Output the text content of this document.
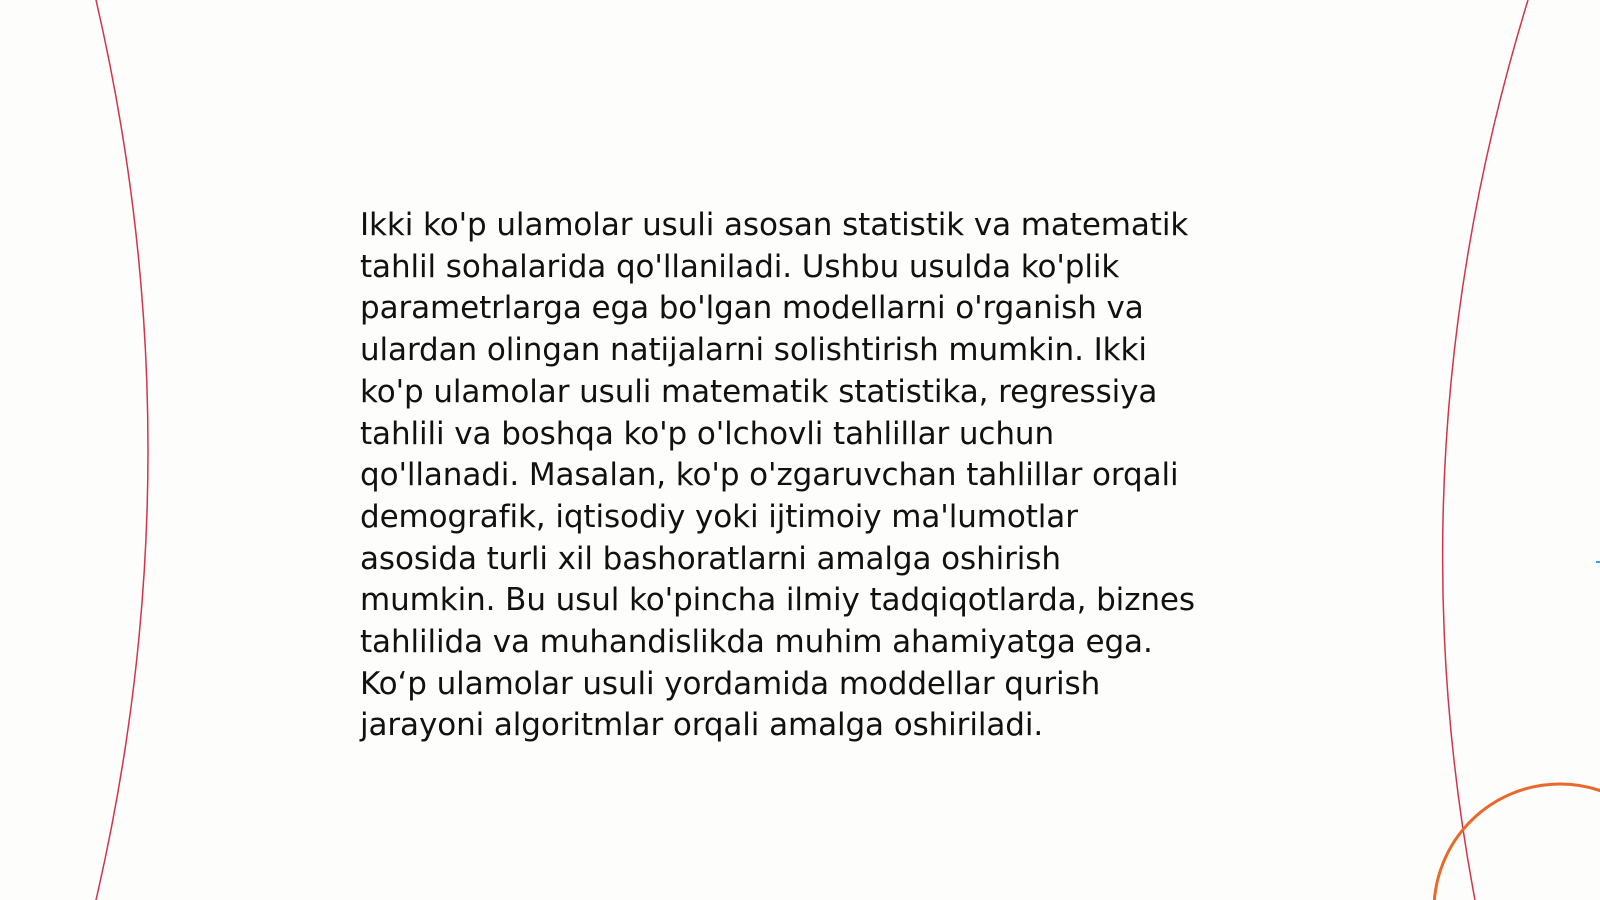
Ikki ko'p ulamolar usuli asosan statistik va matematik
tahlil sohalarida qo'llaniladi. Ushbu usulda ko'plik
parametrlarga ega bo'lgan modellarni o'rganish va
ulardan olingan natijalarni solishtirish mumkin. Ikki
ko'p ulamolar usuli matematik statistika, regressiya
tahlili va boshqa ko'p o'lchovli tahlillar uchun
qo'llanadi. Masalan, ko'p o'zgaruvchan tahlillar orqali
demografik, iqtisodiy yoki ijtimoiy ma'lumotlar
asosida turli xil bashoratlarni amalga oshirish
mumkin. Bu usul ko'pincha ilmiy tadqiqotlarda, biznes
tahlilida va muhandislikda muhim ahamiyatga ega.
Ko‘p ulamolar usuli yordamida moddellar qurish
jarayoni algoritmlar orqali amalga oshiriladi.
